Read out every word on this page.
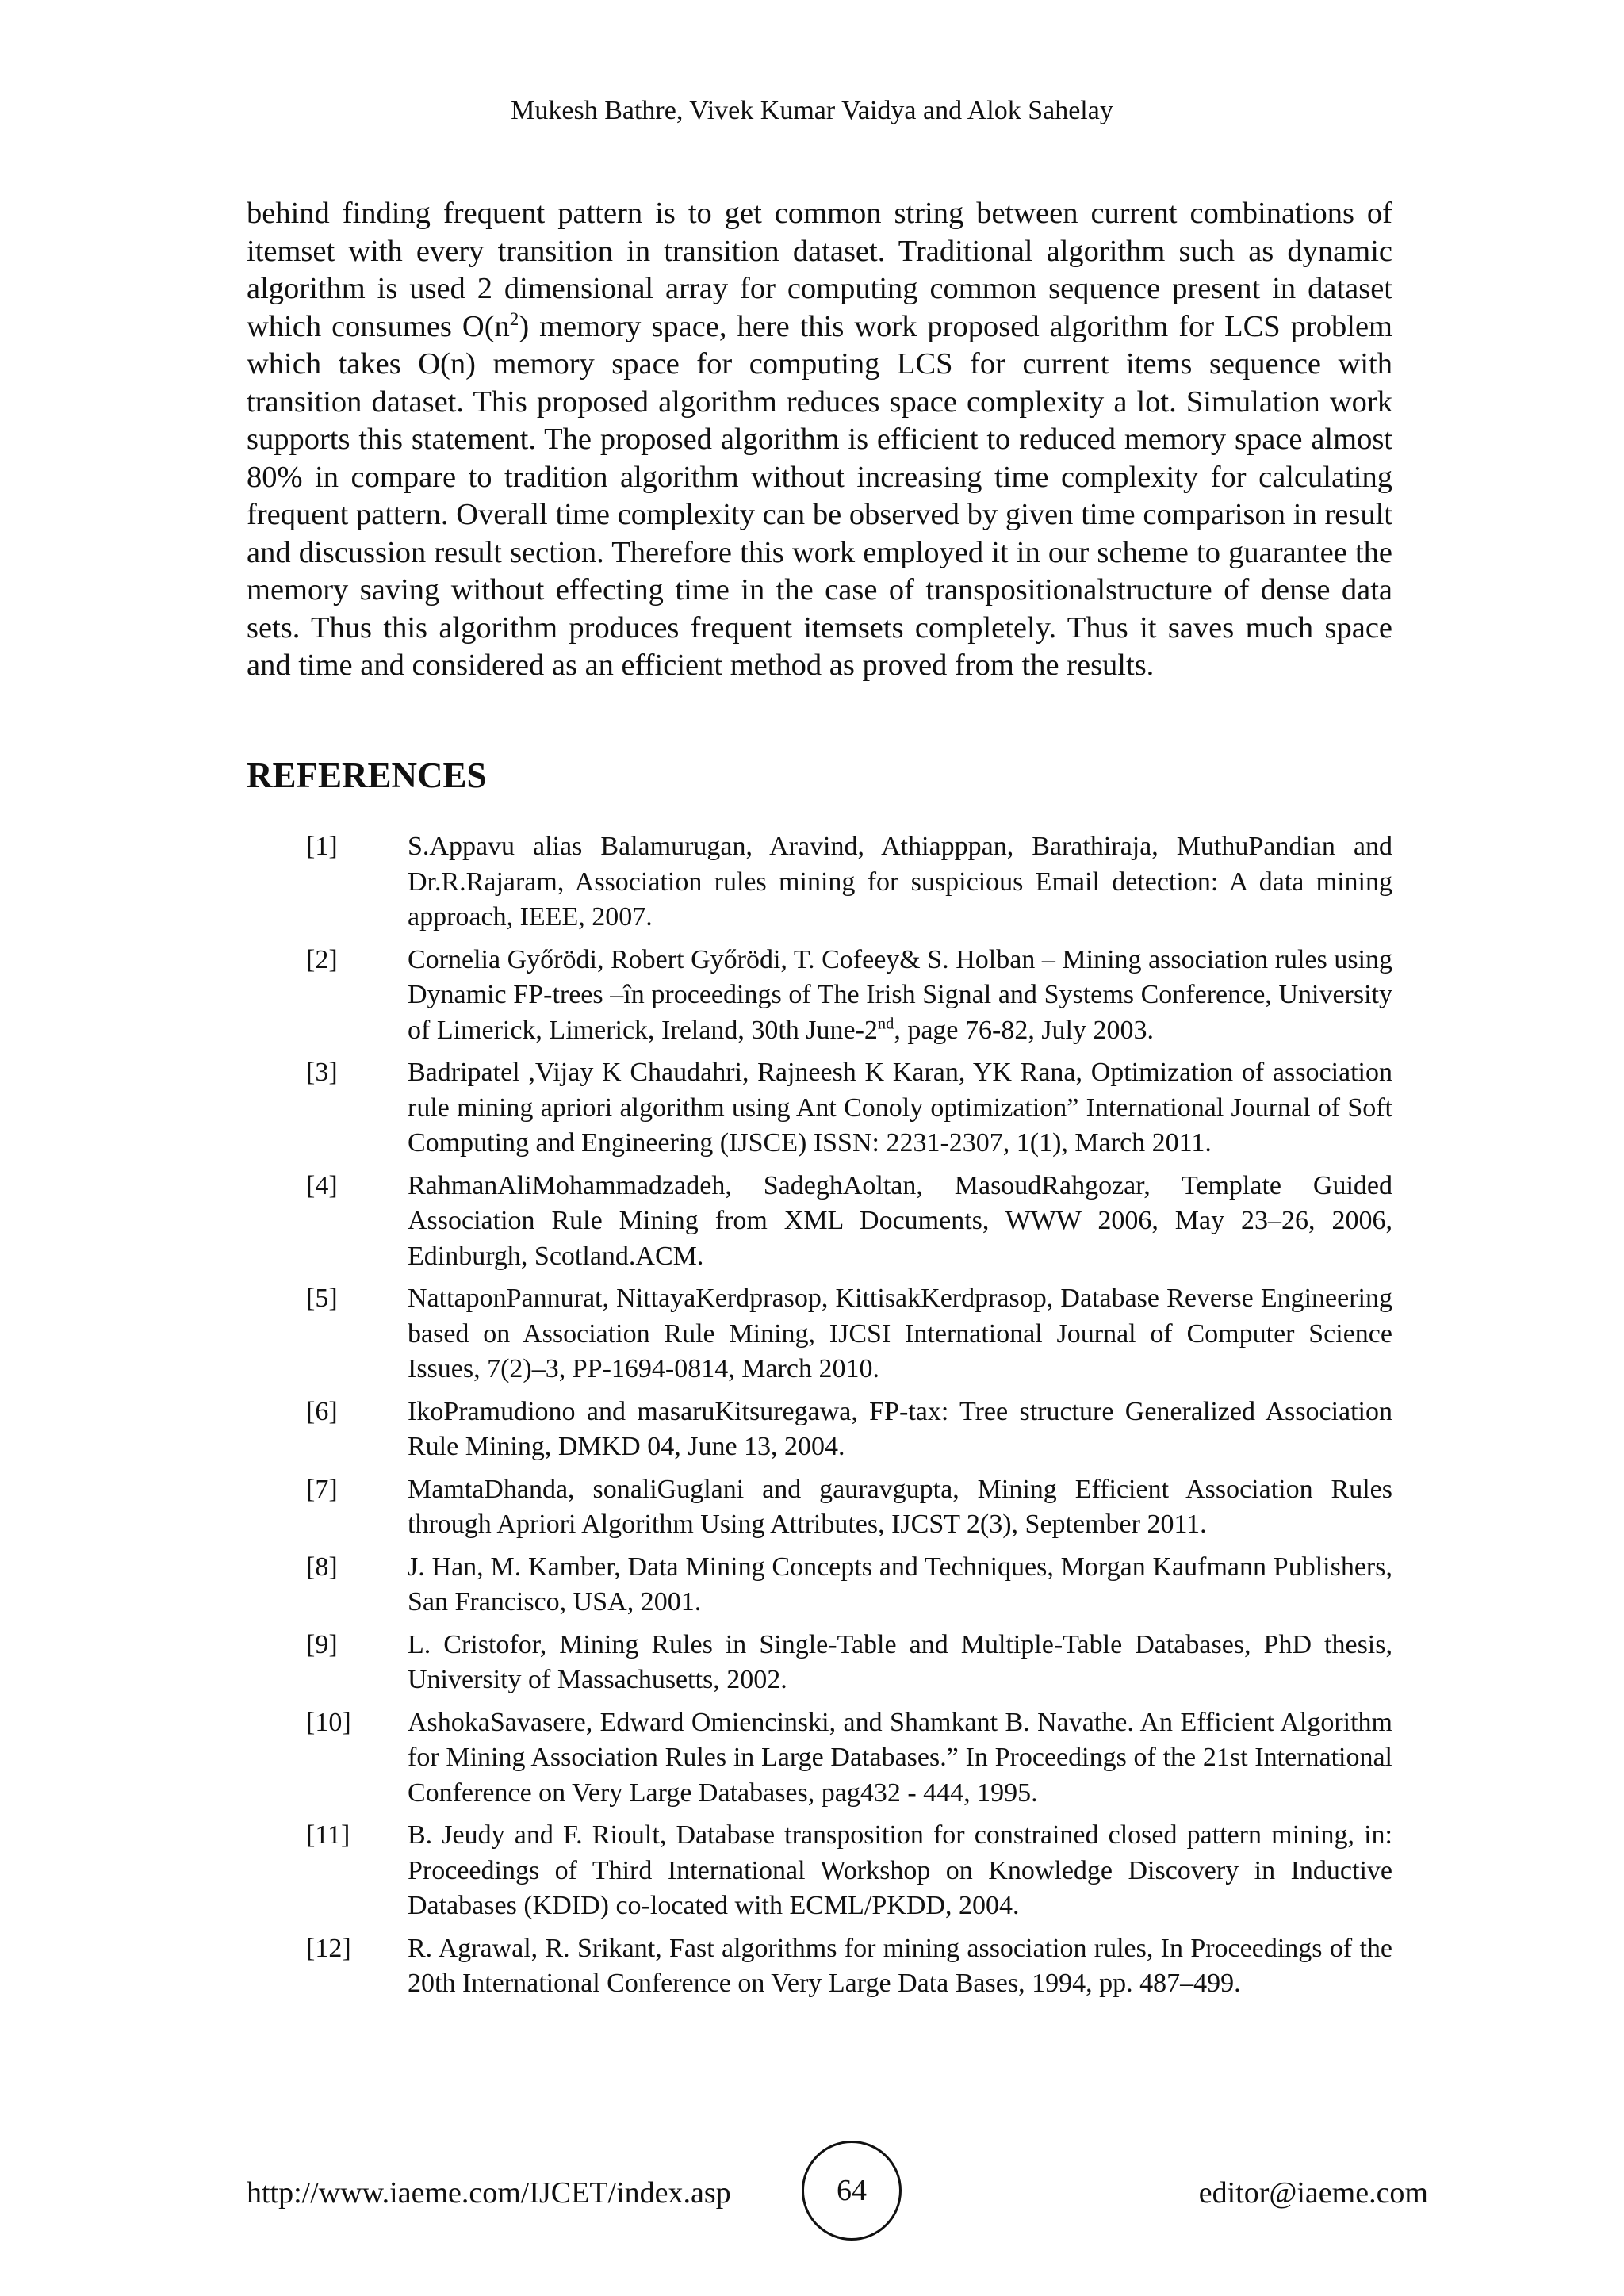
Mukesh Bathre, Vivek Kumar Vaidya and Alok Sahelay

behind finding frequent pattern is to get common string between current combinations of itemset with every transition in transition dataset. Traditional algorithm such as dynamic algorithm is used 2 dimensional array for computing common sequence present in dataset which consumes $O(n^2)$ memory space, here this work proposed algorithm for LCS problem which takes O(n) memory space for computing LCS for current items sequence with transition dataset. This proposed algorithm reduces space complexity a lot. Simulation work supports this statement. The proposed algorithm is efficient to reduced memory space almost 80% in compare to tradition algorithm without increasing time complexity for calculating frequent pattern. Overall time complexity can be observed by given time comparison in result and discussion result section. Therefore this work employed it in our scheme to guarantee the memory saving without effecting time in the case of transpositionalstructure of dense data sets. Thus this algorithm produces frequent itemsets completely. Thus it saves much space and time and considered as an efficient method as proved from the results.

REFERENCES
[1]	S.Appavu alias Balamurugan, Aravind, Athiapppan, Barathiraja, MuthuPandian and Dr.R.Rajaram, Association rules mining for suspicious Email detection: A data mining approach, IEEE, 2007.
[2]	Cornelia Győrödi, Robert Győrödi, T. Cofeey& S. Holban – Mining association rules using Dynamic FP-trees –în proceedings of The Irish Signal and Systems Conference, University of Limerick, Limerick, Ireland, 30th June-2nd, page 76-82, July 2003.
[3]	Badripatel ,Vijay K Chaudahri, Rajneesh K Karan, YK Rana, Optimization of association rule mining apriori algorithm using Ant Conoly optimization” International Journal of Soft Computing and Engineering (IJSCE) ISSN: 2231-2307, 1(1), March 2011.
[4]	RahmanAliMohammadzadeh, SadeghAoltan, MasoudRahgozar, Template Guided Association Rule Mining from XML Documents, WWW 2006, May 23–26, 2006, Edinburgh, Scotland.ACM.
[5]	NattaponPannurat, NittayaKerdprasop, KittisakKerdprasop, Database Reverse Engineering based on Association Rule Mining, IJCSI International Journal of Computer Science Issues, 7(2)–3, PP-1694-0814, March 2010.
[6]	IkoPramudiono and masaruKitsuregawa, FP-tax: Tree structure Generalized Association Rule Mining, DMKD 04, June 13, 2004.
[7]	MamtaDhanda, sonaliGuglani and gauravgupta, Mining Efficient Association Rules through Apriori Algorithm Using Attributes, IJCST 2(3), September 2011.
[8]	J. Han, M. Kamber, Data Mining Concepts and Techniques, Morgan Kaufmann Publishers, San Francisco, USA, 2001.
[9]	L. Cristofor, Mining Rules in Single-Table and Multiple-Table Databases, PhD thesis, University of Massachusetts, 2002.
[10] AshokaSavasere, Edward Omiencinski, and Shamkant B. Navathe. An Efficient Algorithm for Mining Association Rules in Large Databases.” In Proceedings of the 21st International Conference on Very Large Databases, pag432 - 444, 1995.
[11] B. Jeudy and F. Rioult, Database transposition for constrained closed pattern mining, in: Proceedings of Third International Workshop on Knowledge Discovery in Inductive Databases (KDID) co-located with ECML/PKDD, 2004.
[12] R. Agrawal, R. Srikant, Fast algorithms for mining association rules, In Proceedings of the 20th International Conference on Very Large Data Bases, 1994, pp. 487–499.
http://www.iaeme.com/IJCET/index.asp	64	editor@iaeme.com
